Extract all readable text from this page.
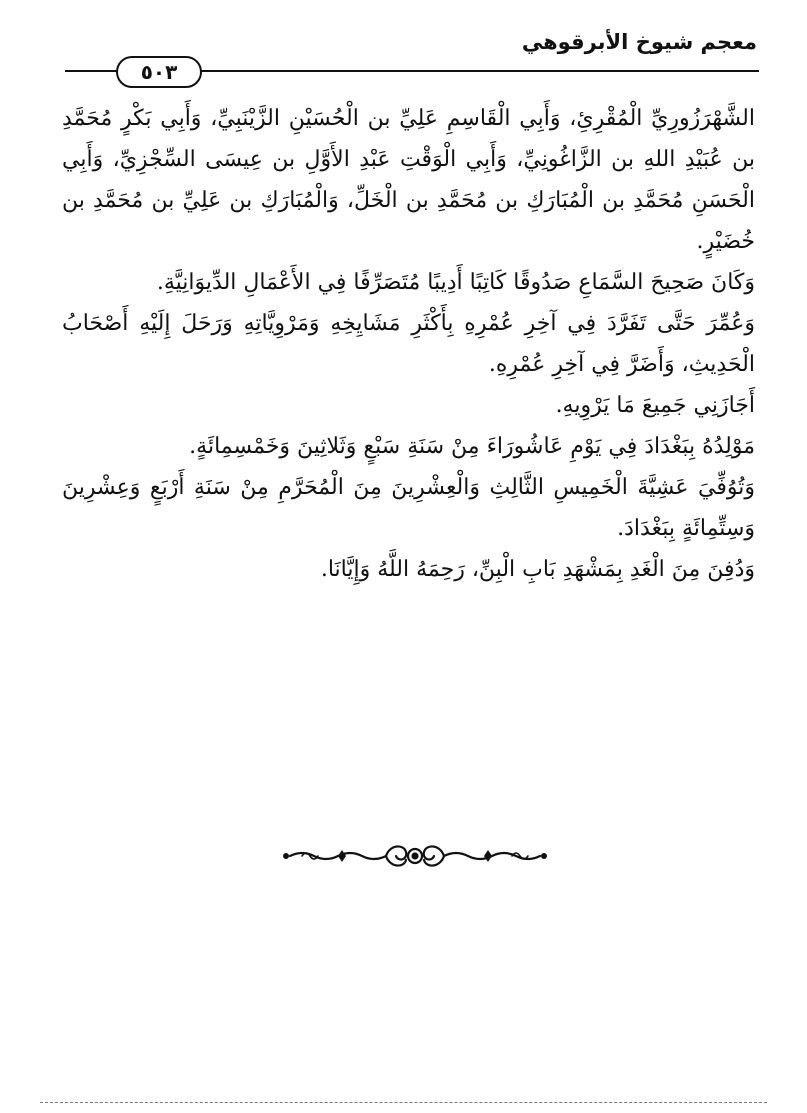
معجم شيوخ الأبرقوهي
٥٠٣

الشَّهْرَزُورِيِّ الْمُقْرِئِ، وَأَبِي الْقَاسِمِ عَلِيِّ بن الْحُسَيْنِ الزَّيْنَبِيِّ، وَأَبِي بَكْرٍ مُحَمَّدِ بن عُبَيْدِ اللهِ بن الزَّاغُونِيِّ، وَأَبِي الْوَقْتِ عَبْدِ الأَوَّلِ بن عِيسَى السِّجْزِيِّ، وَأَبِي الْحَسَنِ مُحَمَّدِ بن الْمُبَارَكِ بن مُحَمَّدِ بن الْخَلِّ، وَالْمُبَارَكِ بن عَلِيِّ بن مُحَمَّدِ بن خُضَيْرٍ.

وَكَانَ صَحِيحَ السَّمَاعِ صَدُوقًا كَاتِبًا أَدِيبًا مُتَصَرِّفًا فِي الأَعْمَالِ الدِّيوَانِيَّةِ.

وَعُمِّرَ حَتَّى تَفَرَّدَ فِي آخِرِ عُمْرِهِ بِأَكْثَرِ مَشَايِخِهِ وَمَرْوِيَّاتِهِ وَرَحَلَ إِلَيْهِ أَصْحَابُ الْحَدِيثِ، وَأَضَرَّ فِي آخِرِ عُمْرِهِ.

أَجَازَنِي جَمِيعَ مَا يَرْوِيهِ.

مَوْلِدُهُ بِبَغْدَادَ فِي يَوْمِ عَاشُورَاءَ مِنْ سَنَةِ سَبْعٍ وَثَلاثِينَ وَخَمْسِمِائَةٍ.

وَتُوُفِّيَ عَشِيَّةَ الْخَمِيسِ الثَّالِثِ وَالْعِشْرِينَ مِنَ الْمُحَرَّمِ مِنْ سَنَةِ أَرْبَعٍ وَعِشْرِينَ وَسِتِّمِائَةٍ بِبَغْدَادَ.

وَدُفِنَ مِنَ الْغَدِ بِمَشْهَدِ بَابِ الْبِنِّ، رَحِمَهُ اللَّهُ وَإِيَّانَا.
